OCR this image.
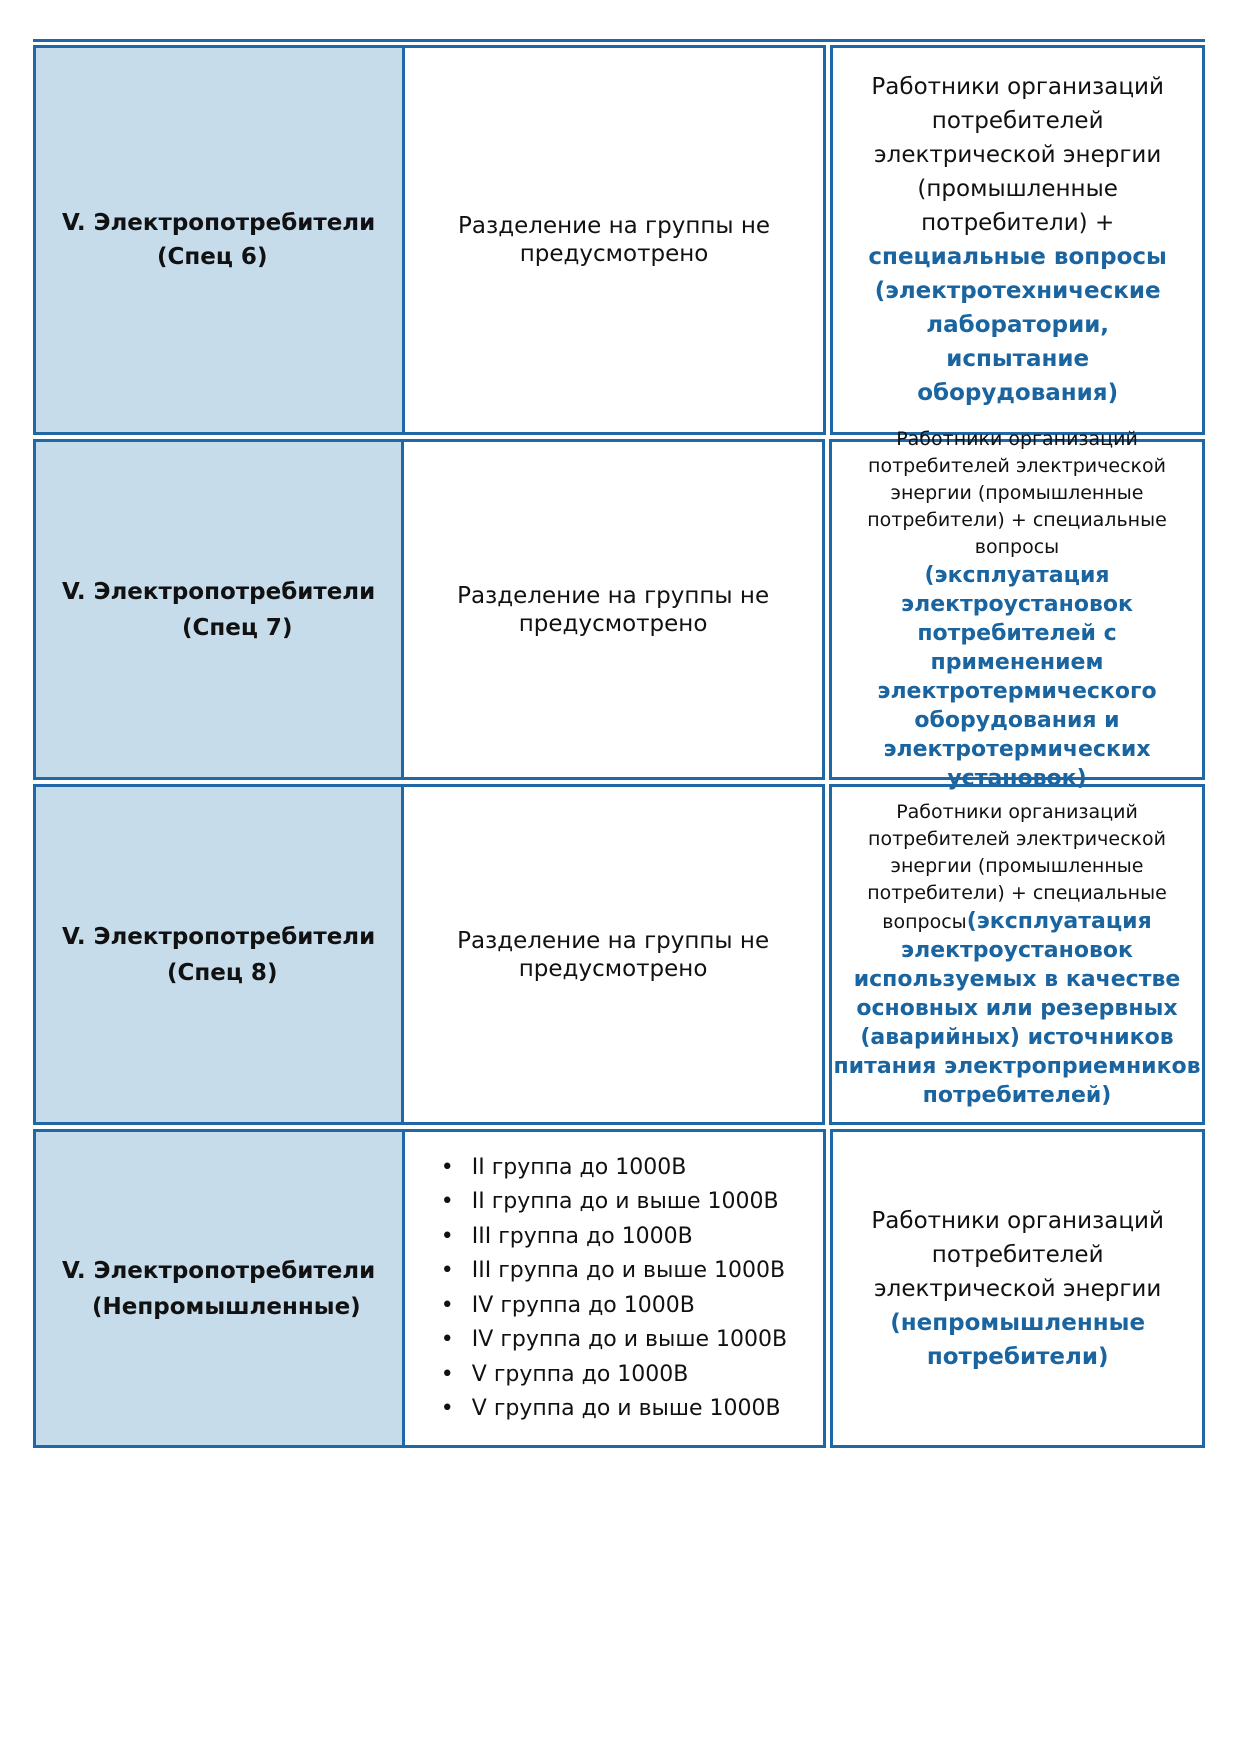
V. Электропотребители
(Спец 6)
Разделение на группы не предусмотрено
Работники организаций потребителей электрической энергии (промышленные потребители) + специальные вопросы (электротехнические лаборатории, испытание оборудования)
V. Электропотребители
(Спец 7)
Разделение на группы не предусмотрено
Работники организаций потребителей электрической энергии (промышленные потребители) + специальные вопросы
(эксплуатация электроустановок потребителей с применением электротермического оборудования и электротермических установок)
V. Электропотребители
(Спец 8)
Разделение на группы не предусмотрено
Работники организаций потребителей электрической энергии (промышленные потребители) + специальные вопросы(эксплуатация электроустановок используемых в качестве основных или резервных (аварийных) источников питания электроприемников потребителей)
V. Электропотребители
(Непромышленные)
• II группа до 1000В
• II группа до и выше 1000В
• III группа до 1000В
• III группа до и выше 1000В
• IV группа до 1000В
• IV группа до и выше 1000В
• V группа до 1000В
• V группа до и выше 1000В
Работники организаций потребителей электрической энергии (непромышленные потребители)
